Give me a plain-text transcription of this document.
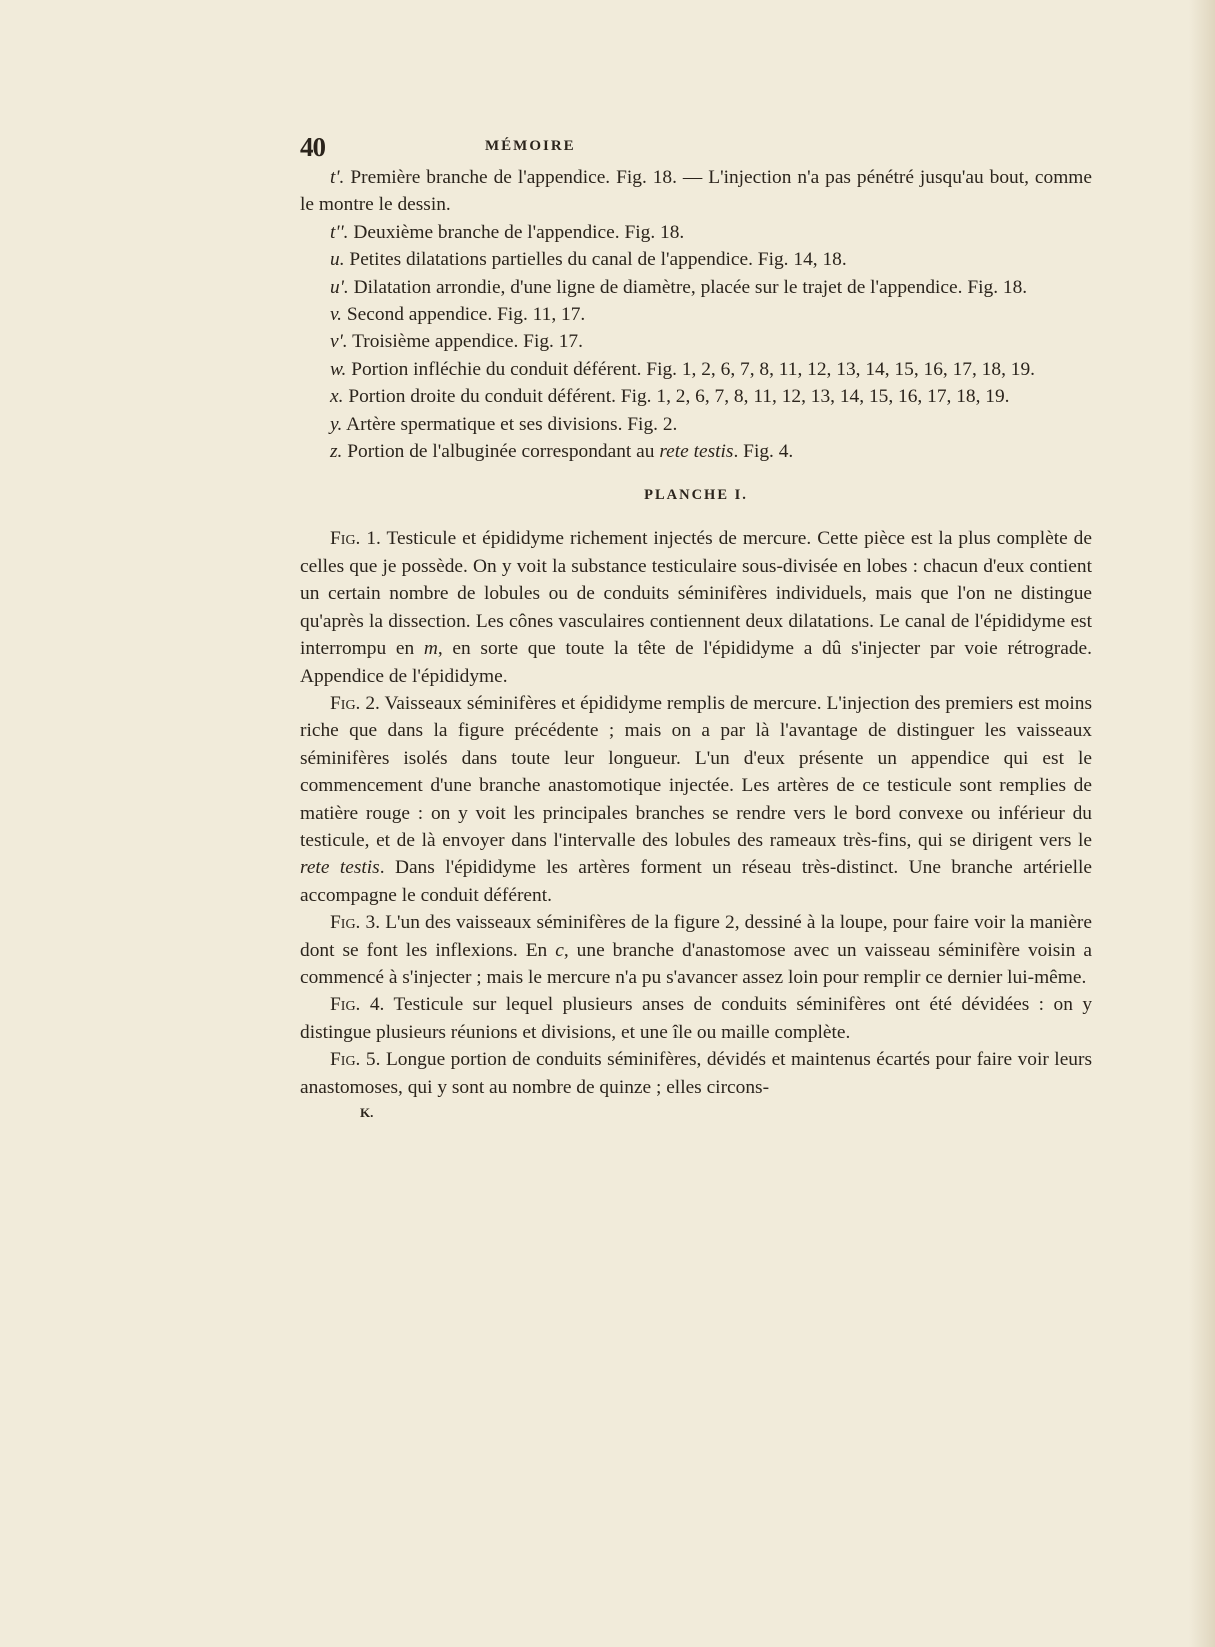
40	MÉMOIRE

t'. Première branche de l'appendice. Fig. 18. — L'injection n'a pas pénétré jusqu'au bout, comme le montre le dessin.

t''. Deuxième branche de l'appendice. Fig. 18.

u. Petites dilatations partielles du canal de l'appendice. Fig. 14, 18.

u'. Dilatation arrondie, d'une ligne de diamètre, placée sur le trajet de l'appendice. Fig. 18.

v. Second appendice. Fig. 11, 17.

v'. Troisième appendice. Fig. 17.

w. Portion infléchie du conduit déférent. Fig. 1, 2, 6, 7, 8, 11, 12, 13, 14, 15, 16, 17, 18, 19.

x. Portion droite du conduit déférent. Fig. 1, 2, 6, 7, 8, 11, 12, 13, 14, 15, 16, 17, 18, 19.

y. Artère spermatique et ses divisions. Fig. 2.

z. Portion de l'albuginée correspondant au rete testis. Fig. 4.

PLANCHE I.

Fig. 1. Testicule et épididyme richement injectés de mercure. Cette pièce est la plus complète de celles que je possède. On y voit la substance testiculaire sous-divisée en lobes : chacun d'eux contient un certain nombre de lobules ou de conduits séminifères individuels, mais que l'on ne distingue qu'après la dissection. Les cônes vasculaires contiennent deux dilatations. Le canal de l'épididyme est interrompu en m, en sorte que toute la tête de l'épididyme a dû s'injecter par voie rétrograde. Appendice de l'épididyme.

Fig. 2. Vaisseaux séminifères et épididyme remplis de mercure. L'injection des premiers est moins riche que dans la figure précédente ; mais on a par là l'avantage de distinguer les vaisseaux séminifères isolés dans toute leur longueur. L'un d'eux présente un appendice qui est le commencement d'une branche anastomotique injectée. Les artères de ce testicule sont remplies de matière rouge : on y voit les principales branches se rendre vers le bord convexe ou inférieur du testicule, et de là envoyer dans l'intervalle des lobules des rameaux très-fins, qui se dirigent vers le rete testis. Dans l'épididyme les artères forment un réseau très-distinct. Une branche artérielle accompagne le conduit déférent.

Fig. 3. L'un des vaisseaux séminifères de la figure 2, dessiné à la loupe, pour faire voir la manière dont se font les inflexions. En c, une branche d'anastomose avec un vaisseau séminifère voisin a commencé à s'injecter ; mais le mercure n'a pu s'avancer assez loin pour remplir ce dernier lui-même.

Fig. 4. Testicule sur lequel plusieurs anses de conduits séminifères ont été dévidées : on y distingue plusieurs réunions et divisions, et une île ou maille complète.

Fig. 5. Longue portion de conduits séminifères, dévidés et maintenus écartés pour faire voir leurs anastomoses, qui y sont au nombre de quinze ; elles circons-

K.
